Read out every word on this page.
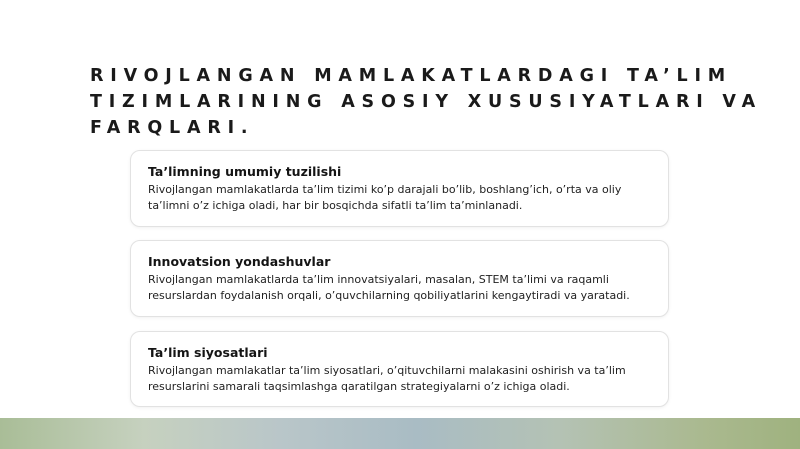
RIVOJLANGAN MAMLAKATLARDAGI TA’LIM TIZIMLARINING ASOSIY XUSUSIYATLARI VA FARQLARI.
Ta’limning umumiy tuzilishi

Rivojlangan mamlakatlarda ta’lim tizimi ko’p darajali bo’lib, boshlang’ich, o’rta va oliy ta’limni o’z ichiga oladi, har bir bosqichda sifatli ta’lim ta’minlanadi.

Innovatsion yondashuvlar

Rivojlangan mamlakatlarda ta’lim innovatsiyalari, masalan, STEM ta’limi va raqamli resurslardan foydalanish orqali, o’quvchilarning qobiliyatlarini kengaytiradi va yaratadi.

Ta’lim siyosatlari

Rivojlangan mamlakatlar ta’lim siyosatlari, o’qituvchilarni malakasini oshirish va ta’lim resurslarini samarali taqsimlashga qaratilgan strategiyalarni o’z ichiga oladi.
